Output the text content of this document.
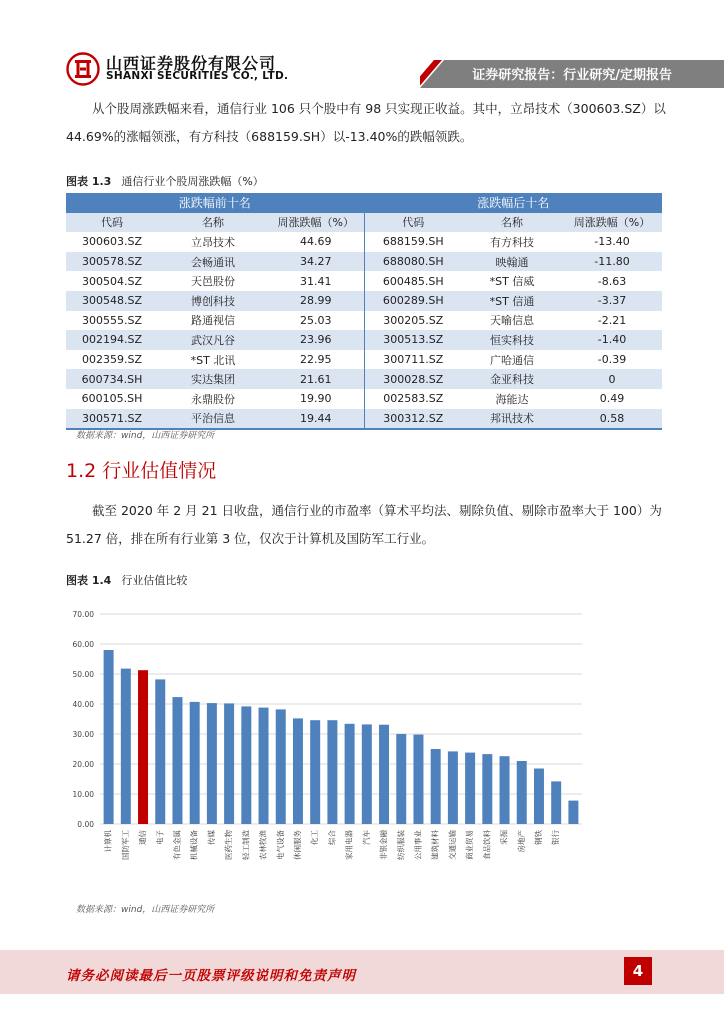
山西证券股份有限公司
SHANXI SECURITIES CO., LTD.	证券研究报告：行业研究/定期报告
从个股周涨跌幅来看，通信行业 106 只个股中有 98 只实现正收益。其中，立昂技术（300603.SZ）以
44.69%的涨幅领涨，有方科技（688159.SH）以-13.40%的跌幅领跌。
图表 1.3 通信行业个股周涨跌幅（%）
涨跌幅前十名			涨跌幅后十名		
代码	名称	周涨跌幅（%）	代码	名称	周涨跌幅（%）
300603.SZ	立昂技术	44.69	688159.SH	有方科技	-13.40
300578.SZ	会畅通讯	34.27	688080.SH	映翰通	-11.80
300504.SZ	天邑股份	31.41	600485.SH	*ST 信威	-8.63
300548.SZ	博创科技	28.99	600289.SH	*ST 信通	-3.37
300555.SZ	路通视信	25.03	300205.SZ	天喻信息	-2.21
002194.SZ	武汉凡谷	23.96	300513.SZ	恒实科技	-1.40
002359.SZ	*ST 北讯	22.95	300711.SZ	广哈通信	-0.39
600734.SH	实达集团	21.61	300028.SZ	金亚科技	0
600105.SH	永鼎股份	19.90	002583.SZ	海能达	0.49
300571.SZ	平治信息	19.44	300312.SZ	邦讯技术	0.58

数据来源：wind，山西证券研究所
1.2 行业估值情况
截至 2020 年 2 月 21 日收盘，通信行业的市盈率（算术平均法、剔除负值、剔除市盈率大于 100）为
51.27 倍，排在所有行业第 3 位，仅次于计算机及国防军工行业。
图表 1.4 行业估值比较
0.00
10.00
20.00
30.00
40.00
50.00
60.00
70.00
计算机 国防军工 通信 电子 有色金属 机械设备 传媒 医药生物 轻工制造 农林牧渔 电气设备 休闲服务 化工 综合 家用电器 汽车 非银金融 纺织服装 公用事业 建筑材料 交通运输 商业贸易 食品饮料 采掘 房地产 钢铁 银行
数据来源：wind，山西证券研究所
请务必阅读最后一页股票评级说明和免责声明	4
